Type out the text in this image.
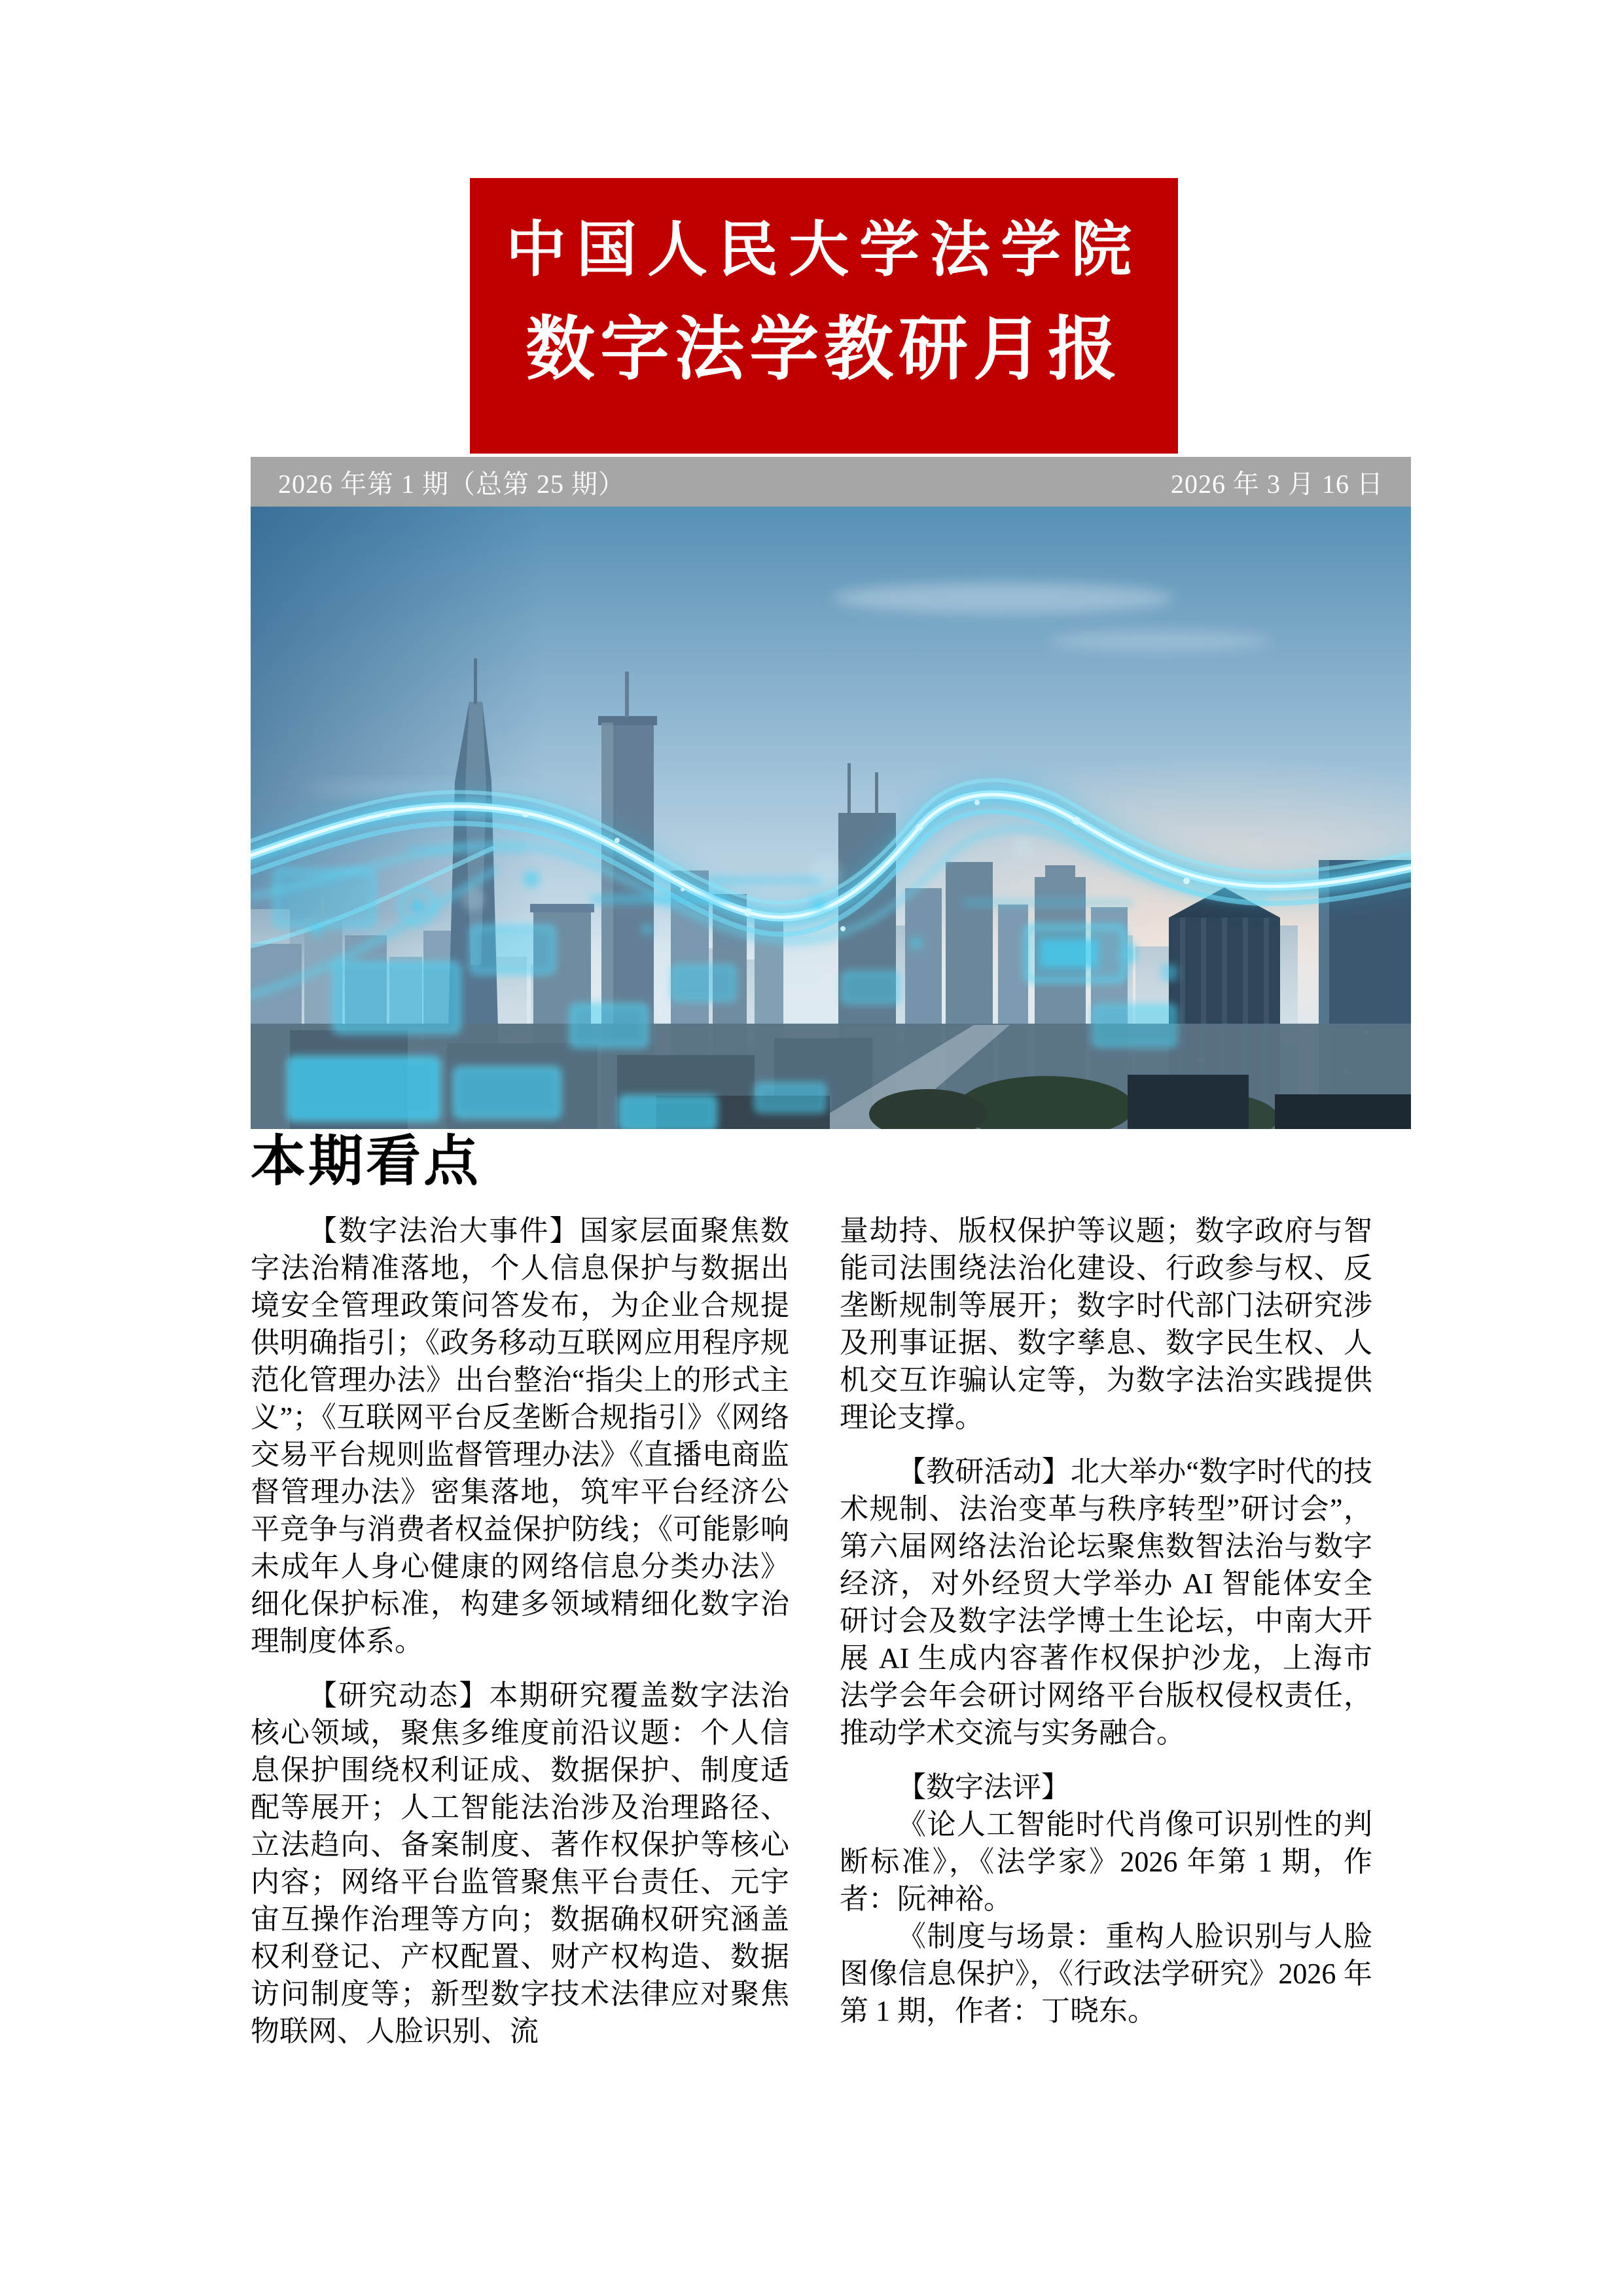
中国人民大学法学院
数字法学教研月报
2026 年第 1 期（总第 25 期）	2026 年 3 月 16 日
本期看点

【数字法治大事件】国家层面聚焦数字法治精准落地，个人信息保护与数据出境安全管理政策问答发布，为企业合规提供明确指引；《政务移动互联网应用程序规范化管理办法》出台整治“指尖上的形式主义”；《互联网平台反垄断合规指引》《网络交易平台规则监督管理办法》《直播电商监督管理办法》密集落地，筑牢平台经济公平竞争与消费者权益保护防线；《可能影响未成年人身心健康的网络信息分类办法》细化保护标准，构建多领域精细化数字治理制度体系。

【研究动态】本期研究覆盖数字法治核心领域，聚焦多维度前沿议题：个人信息保护围绕权利证成、数据保护、制度适配等展开；人工智能法治涉及治理路径、立法趋向、备案制度、著作权保护等核心内容；网络平台监管聚焦平台责任、元宇宙互操作治理等方向；数据确权研究涵盖权利登记、产权配置、财产权构造、数据访问制度等；新型数字技术法律应对聚焦物联网、人脸识别、流

量劫持、版权保护等议题；数字政府与智能司法围绕法治化建设、行政参与权、反垄断规制等展开；数字时代部门法研究涉及刑事证据、数字孳息、数字民生权、人机交互诈骗认定等，为数字法治实践提供理论支撑。

【教研活动】北大举办“数字时代的技术规制、法治变革与秩序转型”研讨会”，第六届网络法治论坛聚焦数智法治与数字经济，对外经贸大学举办 AI 智能体安全研讨会及数字法学博士生论坛，中南大开展 AI 生成内容著作权保护沙龙，上海市法学会年会研讨网络平台版权侵权责任，推动学术交流与实务融合。

【数字法评】

《论人工智能时代肖像可识别性的判断标准》，《法学家》2026 年第 1 期，作者：阮神裕。

《制度与场景：重构人脸识别与人脸图像信息保护》，《行政法学研究》2026 年第 1 期，作者：丁晓东。
